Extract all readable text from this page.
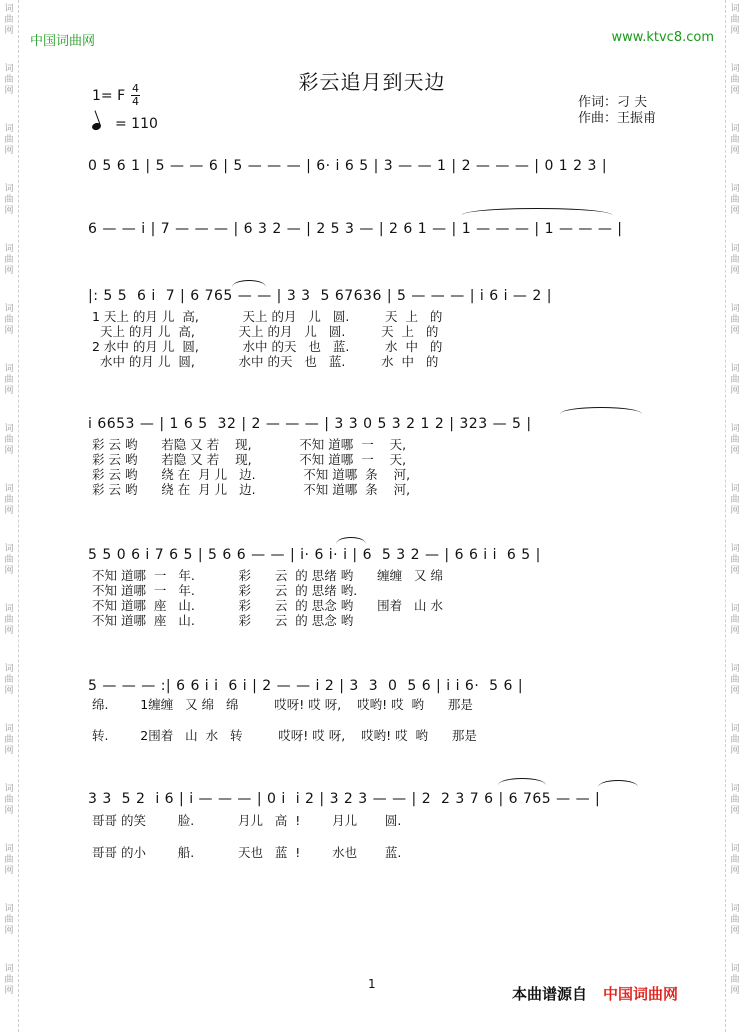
词
曲
网
词
曲
网
词
曲
网
词
曲
网
词
曲
网
词
曲
网
词
曲
网
词
曲
网
词
曲
网
词
曲
网
词
曲
网
词
曲
网
词
曲
网
词
曲
网
词
曲
网
词
曲
网
词
曲
网
词
曲
网
词
曲
网
词
曲
网
词
曲
网
词
曲
网
词
曲
网
词
曲
网
词
曲
网
词
曲
网
词
曲
网
词
曲
网
词
曲
网
词
曲
网
词
曲
网
词
曲
网
词
曲
网
词
曲
网
中国词曲网	www.ktvc8.com
彩云追月到天边
1= F 4
4
= 110
作词：刁 夫
作曲：王振甫
0 5 6 1 | 5 — — 6 | 5 — — — | 6· i 6 5 | 3 — — 1 | 2 — — — | 0 1 2 3 |
6 — — i | 7 — — — | 6 3 2 — | 2 5 3 — | 2 6 1 — | 1 — — — | 1 — — — |
|: 5 5  6 i  7 | 6 765 — — | 3 3  5 67636 | 5 — — — | i 6 i — 2 |
1 天上 的月 儿  高,           天上 的月   儿   圆.         天  上   的
天上 的月 儿  高,           天上 的月   儿   圆.         天  上   的
2 水中 的月 儿  圆,           水中 的天   也   蓝.         水  中   的
水中 的月 儿  圆,           水中 的天   也   蓝.         水  中   的
i 6653 — | 1 6 5  32 | 2 — — — | 3 3 0 5 3 2 1 2 | 323 — 5 |
彩 云 哟      若隐 又 若    现,            不知 道哪  一    天,
彩 云 哟      若隐 又 若    现,            不知 道哪  一    天,
彩 云 哟      绕 在  月 儿   边.            不知 道哪  条    河,
彩 云 哟      绕 在  月 儿   边.            不知 道哪  条    河,
5 5 0 6 i 7 6 5 | 5 6 6 — — | i· 6 i· i | 6  5 3 2 — | 6 6 i i  6 5 |
不知 道哪  一   年.           彩      云  的 思绪 哟      缠缠   又 绵
不知 道哪  一   年.           彩      云  的 思绪 哟.
不知 道哪  座   山.           彩      云  的 思念 哟      围着   山 水
不知 道哪  座   山.           彩      云  的 思念 哟
5 — — — :| 6 6 i i  6 i | 2 — — i 2 | 3  3  0  5 6 | i i 6·  5 6 |
绵.        1缠缠   又 绵   绵         哎呀! 哎 呀,    哎哟! 哎  哟      那是
转.        2围着   山  水   转         哎呀! 哎 呀,    哎哟! 哎  哟      那是
3 3  5 2  i 6 | i — — — | 0 i  i 2 | 3 2 3 — — | 2  2 3 7 6 | 6 765 — — |
哥哥 的笑        脸.           月儿   高  !        月儿       圆.
哥哥 的小        船.           天也   蓝  !        水也       蓝.
1
本曲谱源自 中国词曲网
